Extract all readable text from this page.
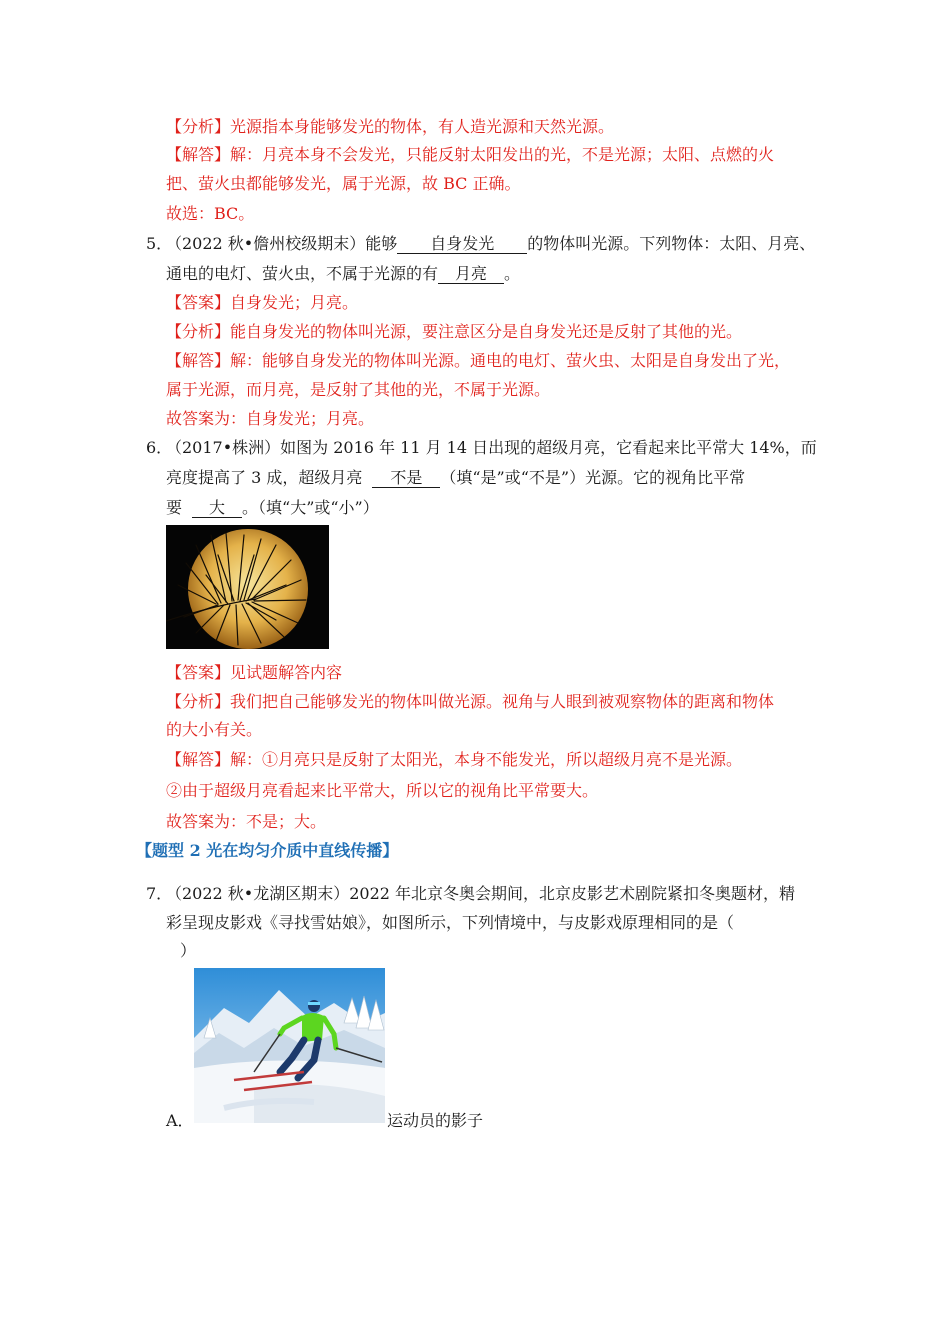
【分析】光源指本身能够发光的物体，有人造光源和天然光源。
【解答】解：月亮本身不会发光，只能反射太阳发出的光，不是光源；太阳、点燃的火
把、萤火虫都能够发光，属于光源，故 BC 正确。
故选：BC。
5．
（2022 秋•儋州校级期末）能够 自身发光 的物体叫光源。下列物体：太阳、月亮、
通电的电灯、萤火虫，不属于光源的有 月亮 。
【答案】自身发光；月亮。
【分析】能自身发光的物体叫光源，要注意区分是自身发光还是反射了其他的光。
【解答】解：能够自身发光的物体叫光源。通电的电灯、萤火虫、太阳是自身发出了光，
属于光源，而月亮，是反射了其他的光，不属于光源。
故答案为：自身发光；月亮。
6．
（2017•株洲）如图为 2016 年 11 月 14 日出现的超级月亮，它看起来比平常大 14%，而
亮度提高了 3 成，超级月亮 不是 （填“是”或“不是”）光源。它的视角比平常
要 大 。（填“大”或“小”）
【答案】见试题解答内容
【分析】我们把自己能够发光的物体叫做光源。视角与人眼到被观察物体的距离和物体
的大小有关。
【解答】解：①月亮只是反射了太阳光，本身不能发光，所以超级月亮不是光源。
②由于超级月亮看起来比平常大，所以它的视角比平常要大。
故答案为：不是；大。
【题型 2 光在均匀介质中直线传播】
7．
（2022 秋•龙湖区期末）2022 年北京冬奥会期间，北京皮影艺术剧院紧扣冬奥题材，精
彩呈现皮影戏《寻找雪姑娘》，如图所示，下列情境中，与皮影戏原理相同的是（
）
A．	运动员的影子
